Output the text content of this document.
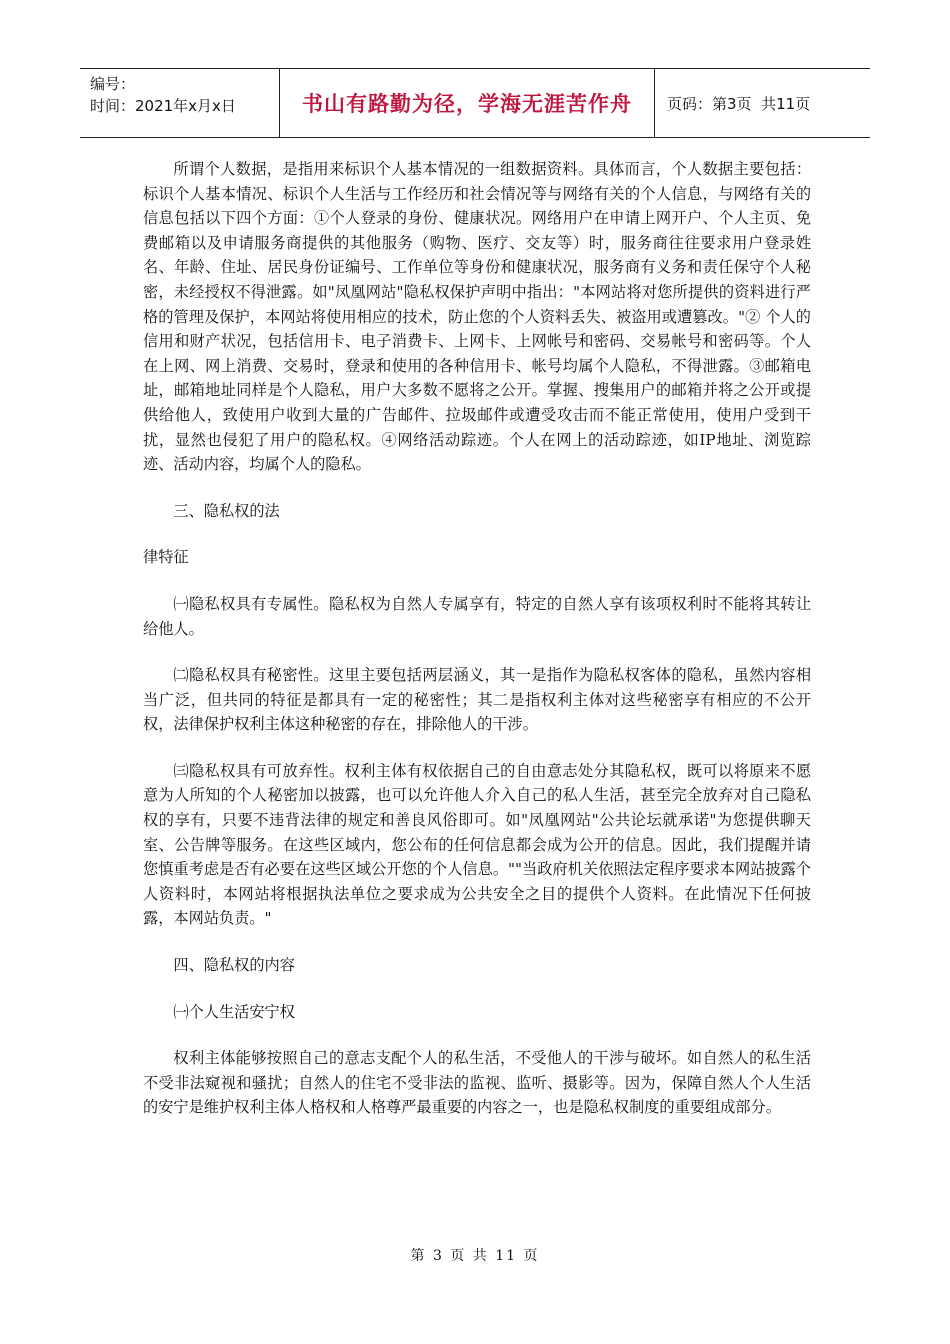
编号：
时间：2021年x月x日	书山有路勤为径，学海无涯苦作舟	页码：第3页  共11页

所谓个人数据，是指用来标识个人基本情况的一组数据资料。具体而言，个人数据主要包括：标识个人基本情况、标识个人生活与工作经历和社会情况等与网络有关的个人信息，与网络有关的信息包括以下四个方面：①个人登录的身份、健康状况。网络用户在申请上网开户、个人主页、免费邮箱以及申请服务商提供的其他服务（购物、医疗、交友等）时，服务商往往要求用户登录姓名、年龄、住址、居民身份证编号、工作单位等身份和健康状况，服务商有义务和责任保守个人秘密，未经授权不得泄露。如"凤凰网站"隐私权保护声明中指出："本网站将对您所提供的资料进行严格的管理及保护，本网站将使用相应的技术，防止您的个人资料丢失、被盗用或遭篡改。"② 个人的信用和财产状况，包括信用卡、电子消费卡、上网卡、上网帐号和密码、交易帐号和密码等。个人在上网、网上消费、交易时，登录和使用的各种信用卡、帐号均属个人隐私，不得泄露。③邮箱电址，邮箱地址同样是个人隐私，用户大多数不愿将之公开。掌握、搜集用户的邮箱并将之公开或提供给他人，致使用户收到大量的广告邮件、拉圾邮件或遭受攻击而不能正常使用，使用户受到干扰，显然也侵犯了用户的隐私权。④网络活动踪迹。个人在网上的活动踪迹，如IP地址、浏览踪迹、活动内容，均属个人的隐私。

三、隐私权的法

律特征

㈠隐私权具有专属性。隐私权为自然人专属享有，特定的自然人享有该项权利时不能将其转让给他人。

㈡隐私权具有秘密性。这里主要包括两层涵义，其一是指作为隐私权客体的隐私，虽然内容相当广泛，但共同的特征是都具有一定的秘密性；其二是指权利主体对这些秘密享有相应的不公开权，法律保护权利主体这种秘密的存在，排除他人的干涉。

㈢隐私权具有可放弃性。权利主体有权依据自己的自由意志处分其隐私权，既可以将原来不愿意为人所知的个人秘密加以披露，也可以允许他人介入自己的私人生活，甚至完全放弃对自己隐私权的享有，只要不违背法律的规定和善良风俗即可。如"凤凰网站"公共论坛就承诺"为您提供聊天室、公告牌等服务。在这些区域内，您公布的任何信息都会成为公开的信息。因此，我们提醒并请您慎重考虑是否有必要在这些区域公开您的个人信息。""当政府机关依照法定程序要求本网站披露个人资料时，本网站将根据执法单位之要求成为公共安全之目的提供个人资料。在此情况下任何披露，本网站负责。"

四、隐私权的内容

㈠个人生活安宁权

权利主体能够按照自己的意志支配个人的私生活，不受他人的干涉与破坏。如自然人的私生活不受非法窥视和骚扰；自然人的住宅不受非法的监视、监听、摄影等。因为，保障自然人个人生活的安宁是维护权利主体人格权和人格尊严最重要的内容之一，也是隐私权制度的重要组成部分。

第 3 页 共 11 页
